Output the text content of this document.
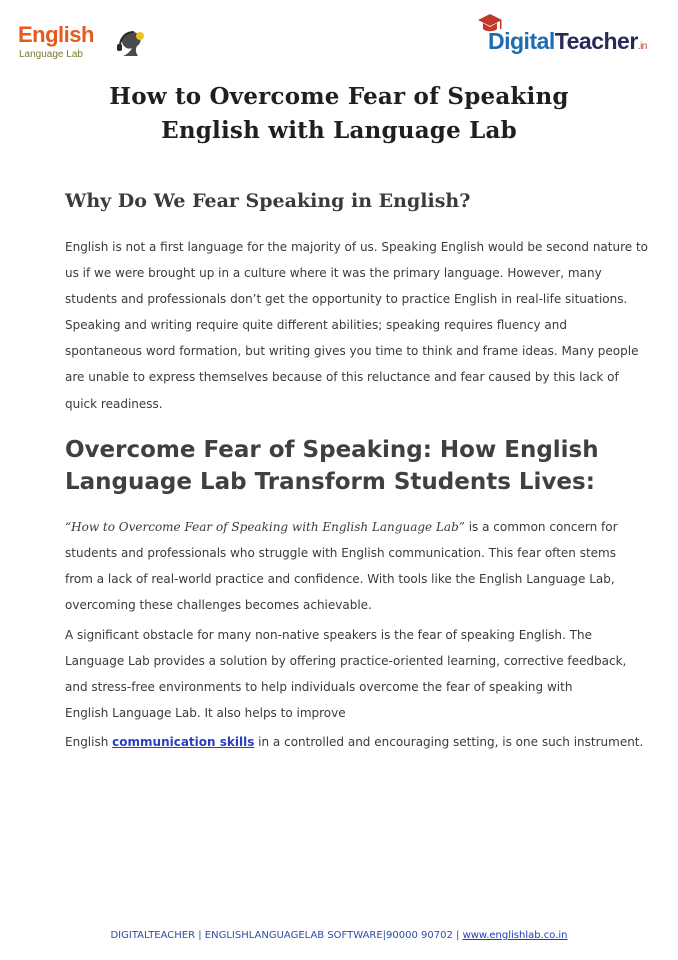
English
Language Lab
DigitalTeacher.in
How to Overcome Fear of Speaking
English with Language Lab
Why Do We Fear Speaking in English?
English is not a first language for the majority of us. Speaking English would be second nature to
us if we were brought up in a culture where it was the primary language. However, many
students and professionals don’t get the opportunity to practice English in real-life situations.
Speaking and writing require quite different abilities; speaking requires fluency and
spontaneous word formation, but writing gives you time to think and frame ideas. Many people
are unable to express themselves because of this reluctance and fear caused by this lack of
quick readiness.
Overcome Fear of Speaking: How English
Language Lab Transform Students Lives:
“How to Overcome Fear of Speaking with English Language Lab” is a common concern for
students and professionals who struggle with English communication. This fear often stems
from a lack of real-world practice and confidence. With tools like the English Language Lab,
overcoming these challenges becomes achievable.
A significant obstacle for many non-native speakers is the fear of speaking English. The
Language Lab provides a solution by offering practice-oriented learning, corrective feedback,
and stress-free environments to help individuals overcome the fear of speaking with
English Language Lab. It also helps to improve
English communication skills in a controlled and encouraging setting, is one such instrument.
DIGITALTEACHER | ENGLISHLANGUAGELAB SOFTWARE|90000 90702 | www.englishlab.co.in
